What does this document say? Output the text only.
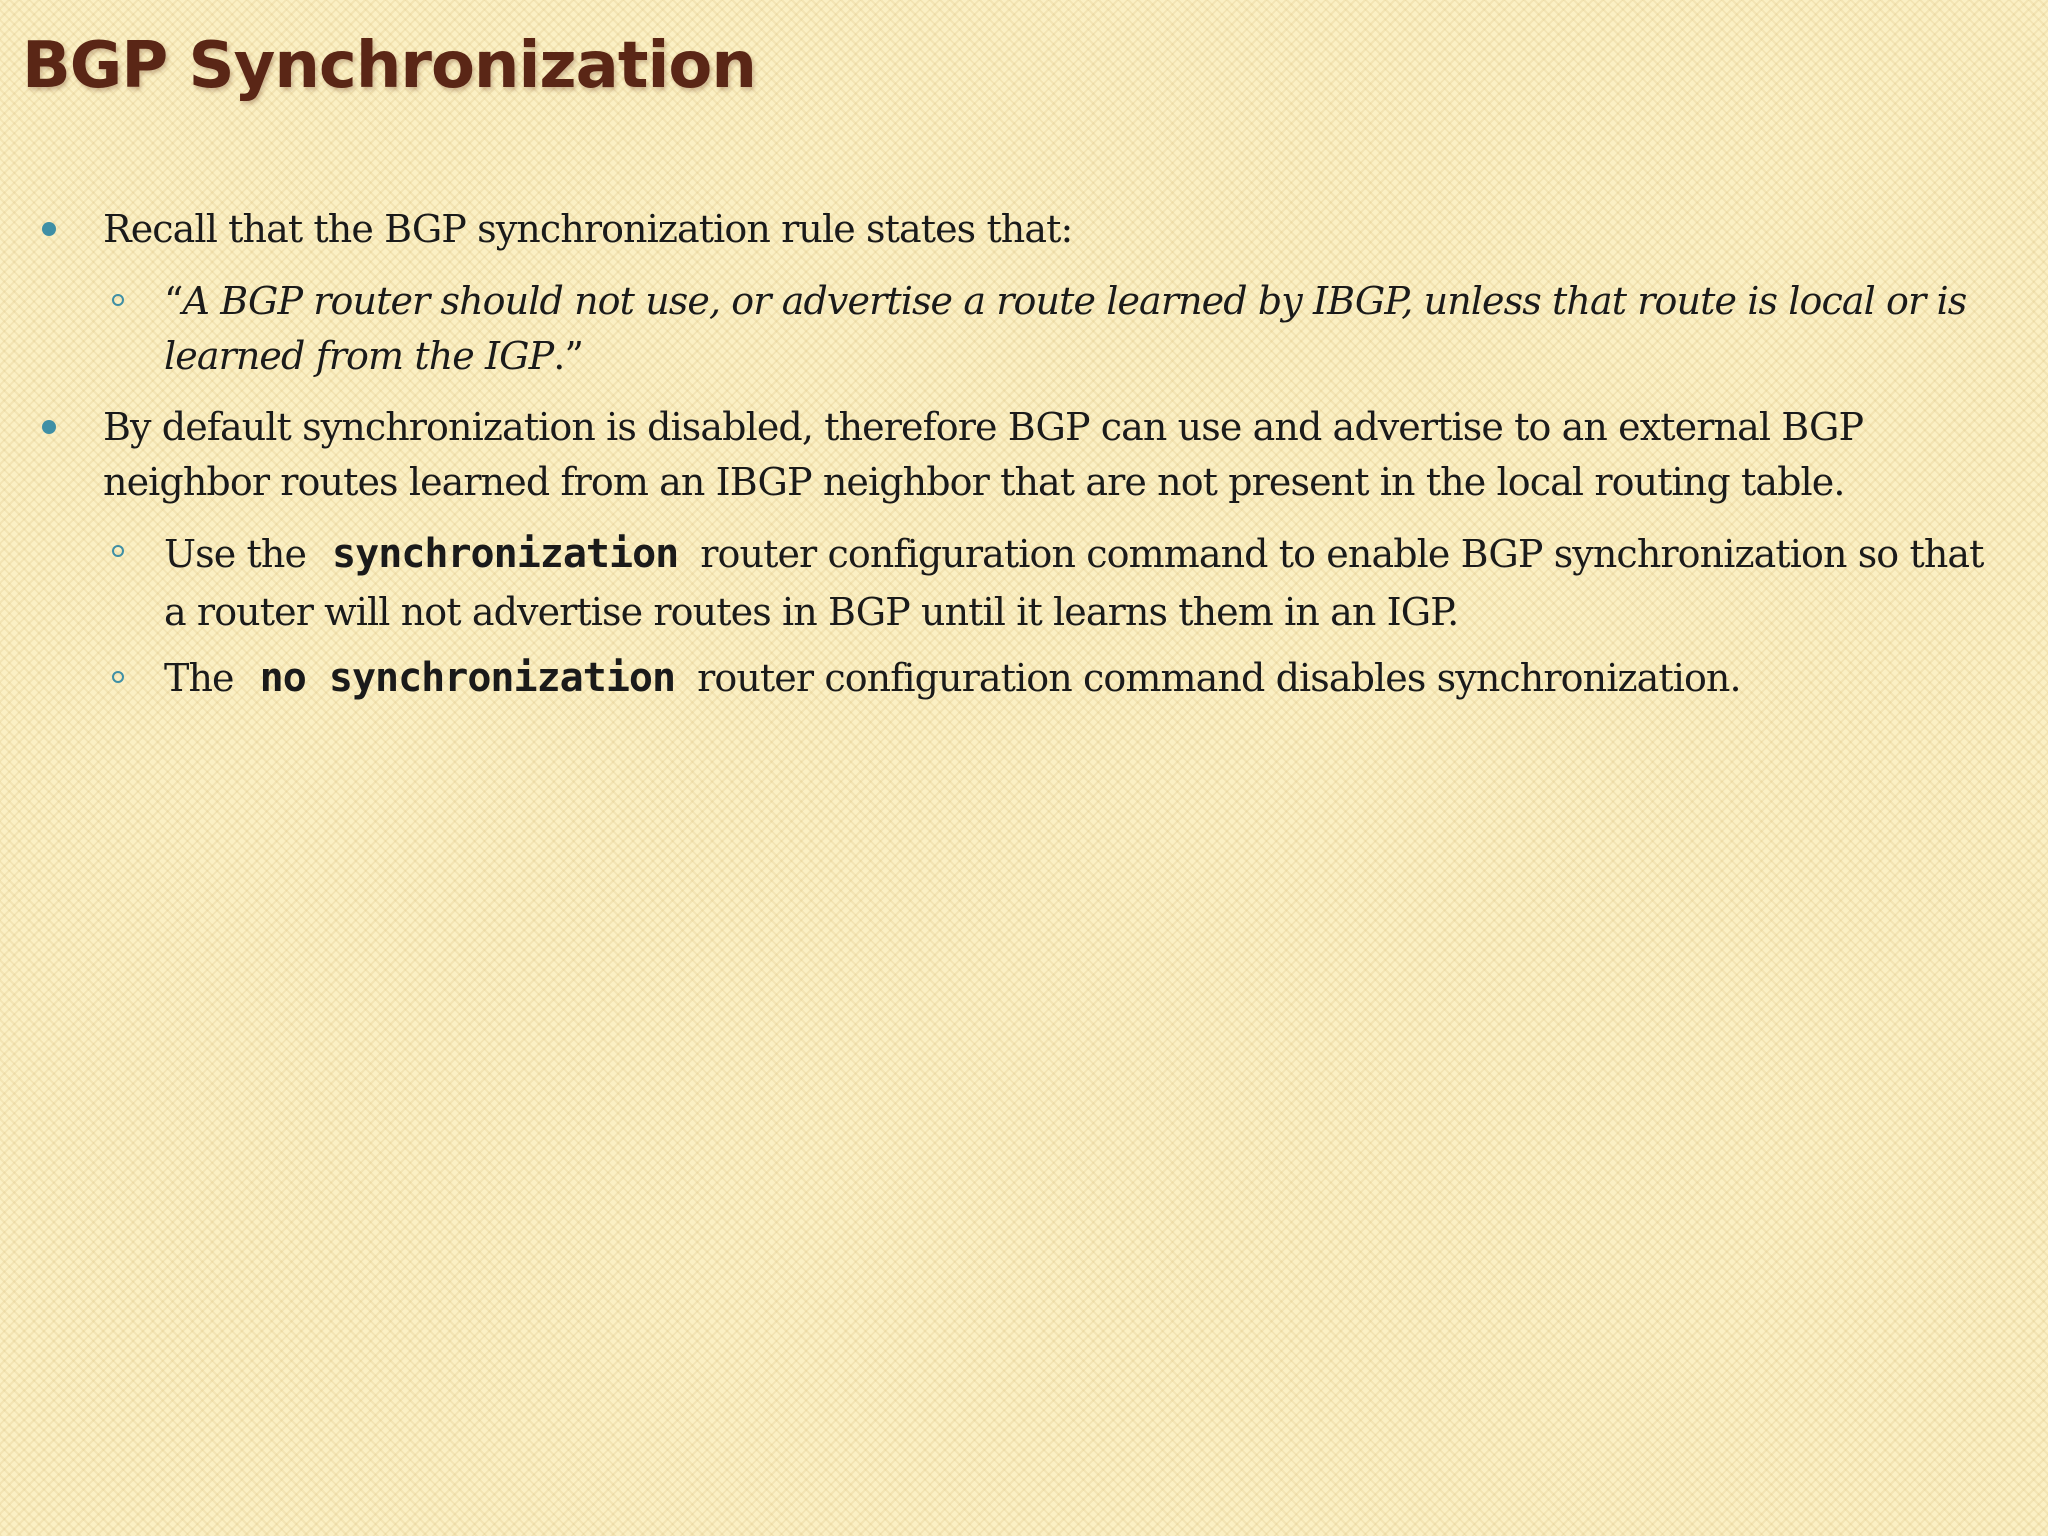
BGP Synchronization
Recall that the BGP synchronization rule states that:
“A BGP router should not use, or advertise a route learned by IBGP, unless that route is local or is learned from the IGP.”
By default synchronization is disabled, therefore BGP can use and advertise to an external BGP neighbor routes learned from an IBGP neighbor that are not present in the local routing table.
Use the synchronization router configuration command to enable BGP synchronization so that a router will not advertise routes in BGP until it learns them in an IGP.
The no synchronization router configuration command disables synchronization.
